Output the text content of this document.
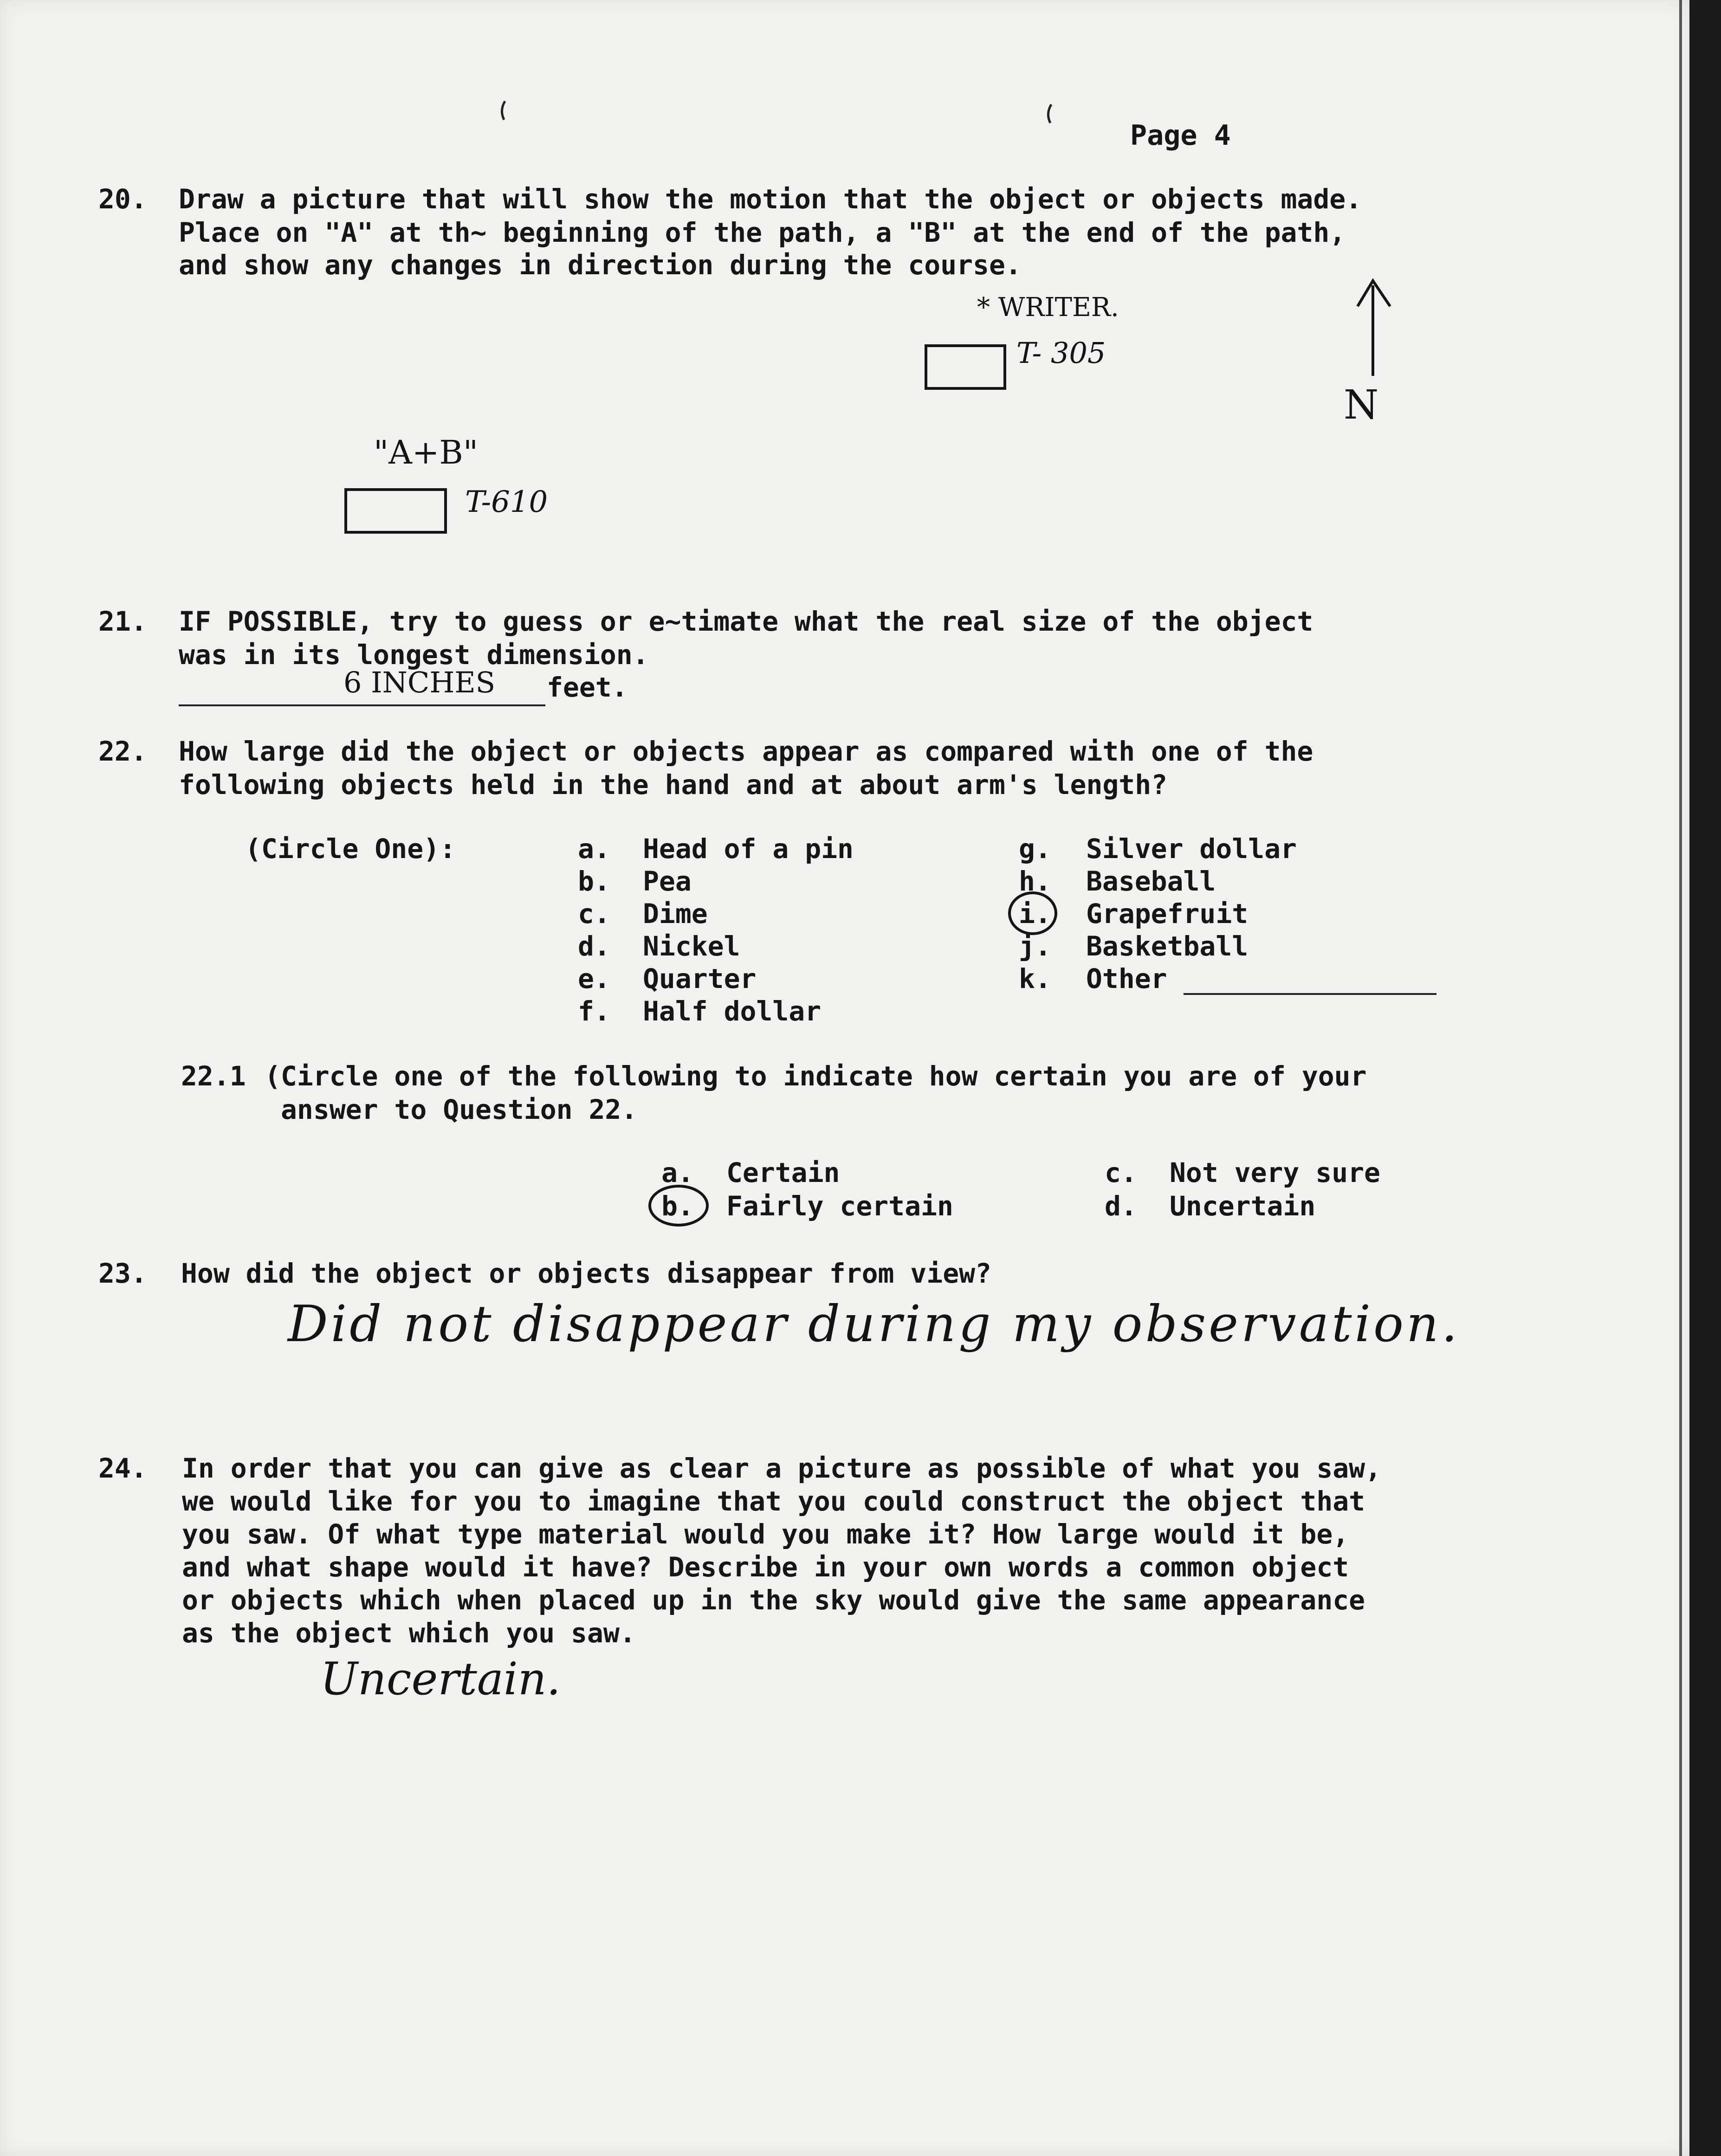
Page 4
20. Draw a picture that will show the motion that the object or objects made.
Place on "A" at th~ beginning of the path, a "B" at the end of the path,
and show any changes in direction during the course.
* WRITER.
T- 305
"A+B"
T-610
N
21. IF POSSIBLE, try to guess or e~timate what the real size of the object
was in its longest dimension.
6 INCHES feet.
22. How large did the object or objects appear as compared with one of the
following objects held in the hand and at about arm's length?
(Circle One):	a. Head of a pin
b. Pea
c. Dime
d. Nickel
e. Quarter
f. Half dollar
g. Silver dollar
h. Baseball
i. Grapefruit
j. Basketball
k. Other
22.1 (Circle one of the following to indicate how certain you are of your
answer to Question 22.
a. Certain
b. Fairly certain
c. Not very sure
d. Uncertain
23. How did the object or objects disappear from view?
Did not disappear during my observation.
24. In order that you can give as clear a picture as possible of what you saw,
we would like for you to imagine that you could construct the object that
you saw. Of what type material would you make it? How large would it be,
and what shape would it have? Describe in your own words a common object
or objects which when placed up in the sky would give the same appearance
as the object which you saw.
Uncertain.
